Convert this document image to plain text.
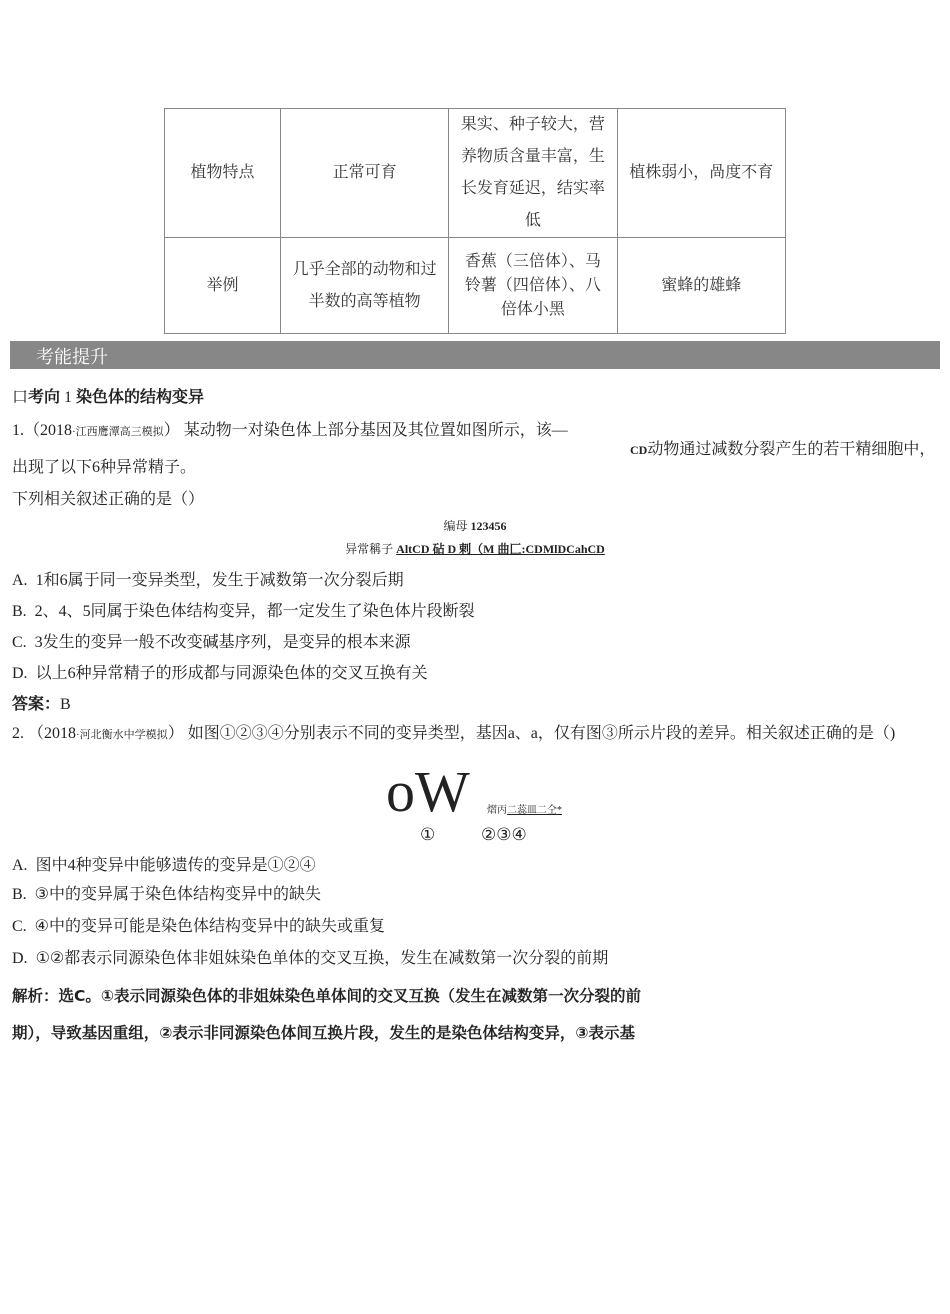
植物特点	正常可育	果实、种子较大，营养物质含量丰富，生长发育延迟，结实率低	植株弱小，咼度不育
举例	几乎全部的动物和过半数的高等植物	香蕉（三倍体）、马铃薯（四倍体）、八倍体小黑	蜜蜂的雄蜂
考能提升
口考向 1 染色体的结构变异
1.（2018·江西鹰潭高三模拟） 某动物一对染色体上部分基因及其位置如图所示，该—
CD动物通过减数分裂产生的若干精细胞中，
出现了以下6种异常精子。
下列相关叙述正确的是（）
编母 123456
异常稱子 AltCD 砧 D 剌（M 曲匚:CDMlDCahCD
A. 1和6属于同一变异类型，发生于减数第一次分裂后期
B. 2、4、5同属于染色体结构变异，都一定发生了染色体片段断裂
C. 3发生的变异一般不改变碱基序列，是变异的根本来源
D. 以上6种异常精子的形成都与同源染色体的交叉互换有关
答案：B
2. （2018·河北衡水中学模拟） 如图①②③④分别表示不同的变异类型，基因a、a，仅有图③所示片段的差异。相关叙述正确的是（)
oW 熠丙二蕊皿二仝*
①	②③④
A. 图中4种变异中能够遗传的变异是①②④
B. ③中的变异属于染色体结构变异中的缺失
C. ④中的变异可能是染色体结构变异中的缺失或重复
D. ①②都表示同源染色体非姐妹染色单体的交叉互换，发生在减数第一次分裂的前期
解析：选C。①表示同源染色体的非姐妹染色单体间的交叉互换（发生在减数第一次分裂的前
期），导致基因重组，②表示非同源染色体间互换片段，发生的是染色体结构变异，③表示基
